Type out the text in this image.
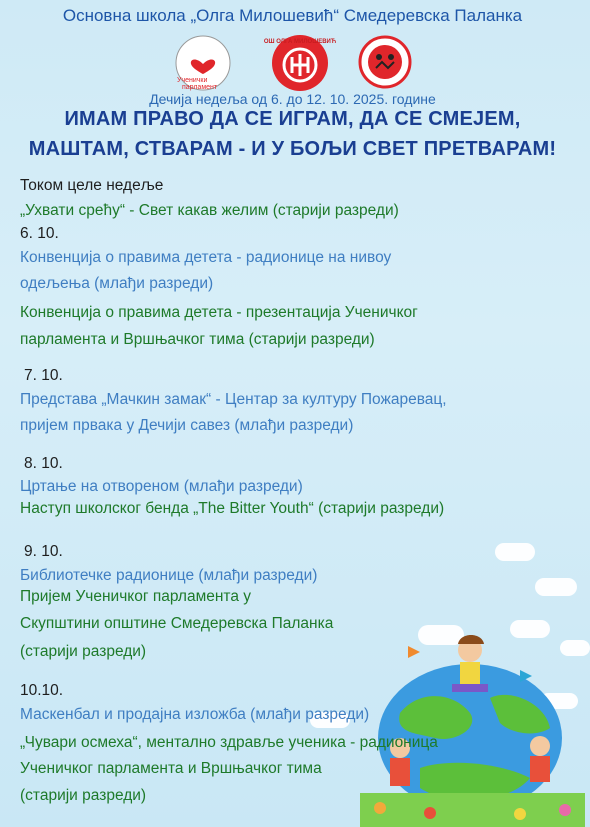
Основна школа „Олга Милошевић“ Смедеревска Паланка
Ученички
парламент
ОШ ОЛГА МИЛОШЕВИЋ
Дечија недеља од 6. до 12. 10. 2025. године
ИМАМ ПРАВО ДА СЕ ИГРАМ, ДА СЕ СМЕЈЕМ,
МАШТАМ, СТВАРАМ - И У БОЉИ СВЕТ ПРЕТВАРАМ!
Током целе недеље
„Ухвати срећу“ - Свет какав желим (старији разреди)
6. 10.
Конвенција о правима детета - радионице на нивоу
одељења (млађи разреди)
Конвенција о правима детета - презентација Ученичког
парламента и Вршњачког тима (старији разреди)
7. 10.
Представа „Мачкин замак“ - Центар за културу Пожаревац,
пријем првака у Дечији савез (млађи разреди)
8. 10.
Цртање на отвореном (млађи разреди)
Наступ школског бенда „The Bitter Youth“ (старији разреди)
9. 10.
Библиотечке радионице (млађи разреди)
Пријем Ученичког парламента у
Скупштини општине Смедеревска Паланка
(старији разреди)
10.10.
Маскенбал и продајна изложба (млађи разреди)
„Чувари осмеха“, ментално здравље ученика - радионица
Ученичког парламента и Вршњачког тима
(старији разреди)
